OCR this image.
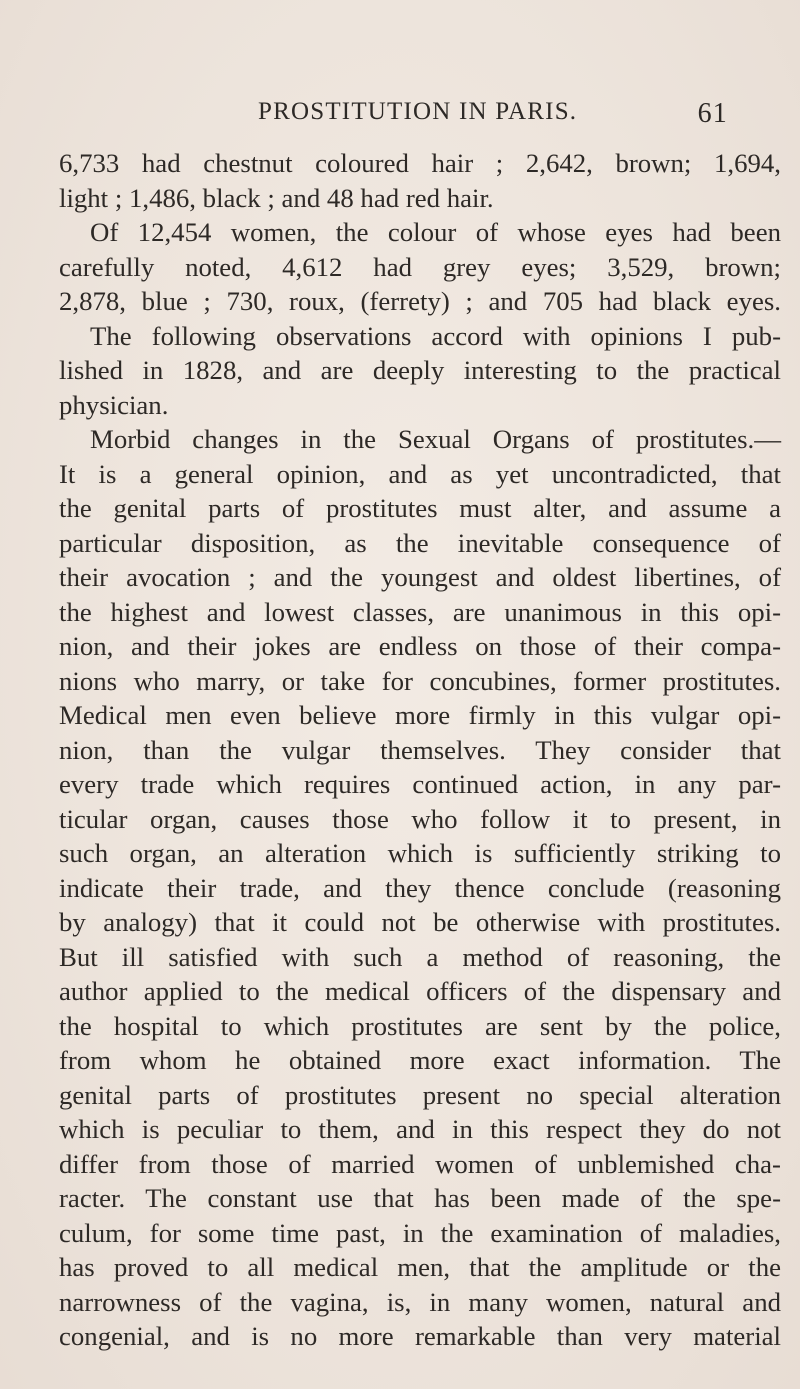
PROSTITUTION IN PARIS.	61
6,733 had chestnut coloured hair ; 2,642, brown; 1,694,
light ; 1,486, black ; and 48 had red hair.
Of 12,454 women, the colour of whose eyes had been
carefully noted, 4,612 had grey eyes; 3,529, brown;
2,878, blue ; 730, roux, (ferrety) ; and 705 had black eyes.
The following observations accord with opinions I pub-
lished in 1828, and are deeply interesting to the practical
physician.
Morbid changes in the Sexual Organs of prostitutes.—
It is a general opinion, and as yet uncontradicted, that
the genital parts of prostitutes must alter, and assume a
particular disposition, as the inevitable consequence of
their avocation ; and the youngest and oldest libertines, of
the highest and lowest classes, are unanimous in this opi-
nion, and their jokes are endless on those of their compa-
nions who marry, or take for concubines, former prostitutes.
Medical men even believe more firmly in this vulgar opi-
nion, than the vulgar themselves. They consider that
every trade which requires continued action, in any par-
ticular organ, causes those who follow it to present, in
such organ, an alteration which is sufficiently striking to
indicate their trade, and they thence conclude (reasoning
by analogy) that it could not be otherwise with prostitutes.
But ill satisfied with such a method of reasoning, the
author applied to the medical officers of the dispensary and
the hospital to which prostitutes are sent by the police,
from whom he obtained more exact information. The
genital parts of prostitutes present no special alteration
which is peculiar to them, and in this respect they do not
differ from those of married women of unblemished cha-
racter. The constant use that has been made of the spe-
culum, for some time past, in the examination of maladies,
has proved to all medical men, that the amplitude or the
narrowness of the vagina, is, in many women, natural and
congenial, and is no more remarkable than very material
